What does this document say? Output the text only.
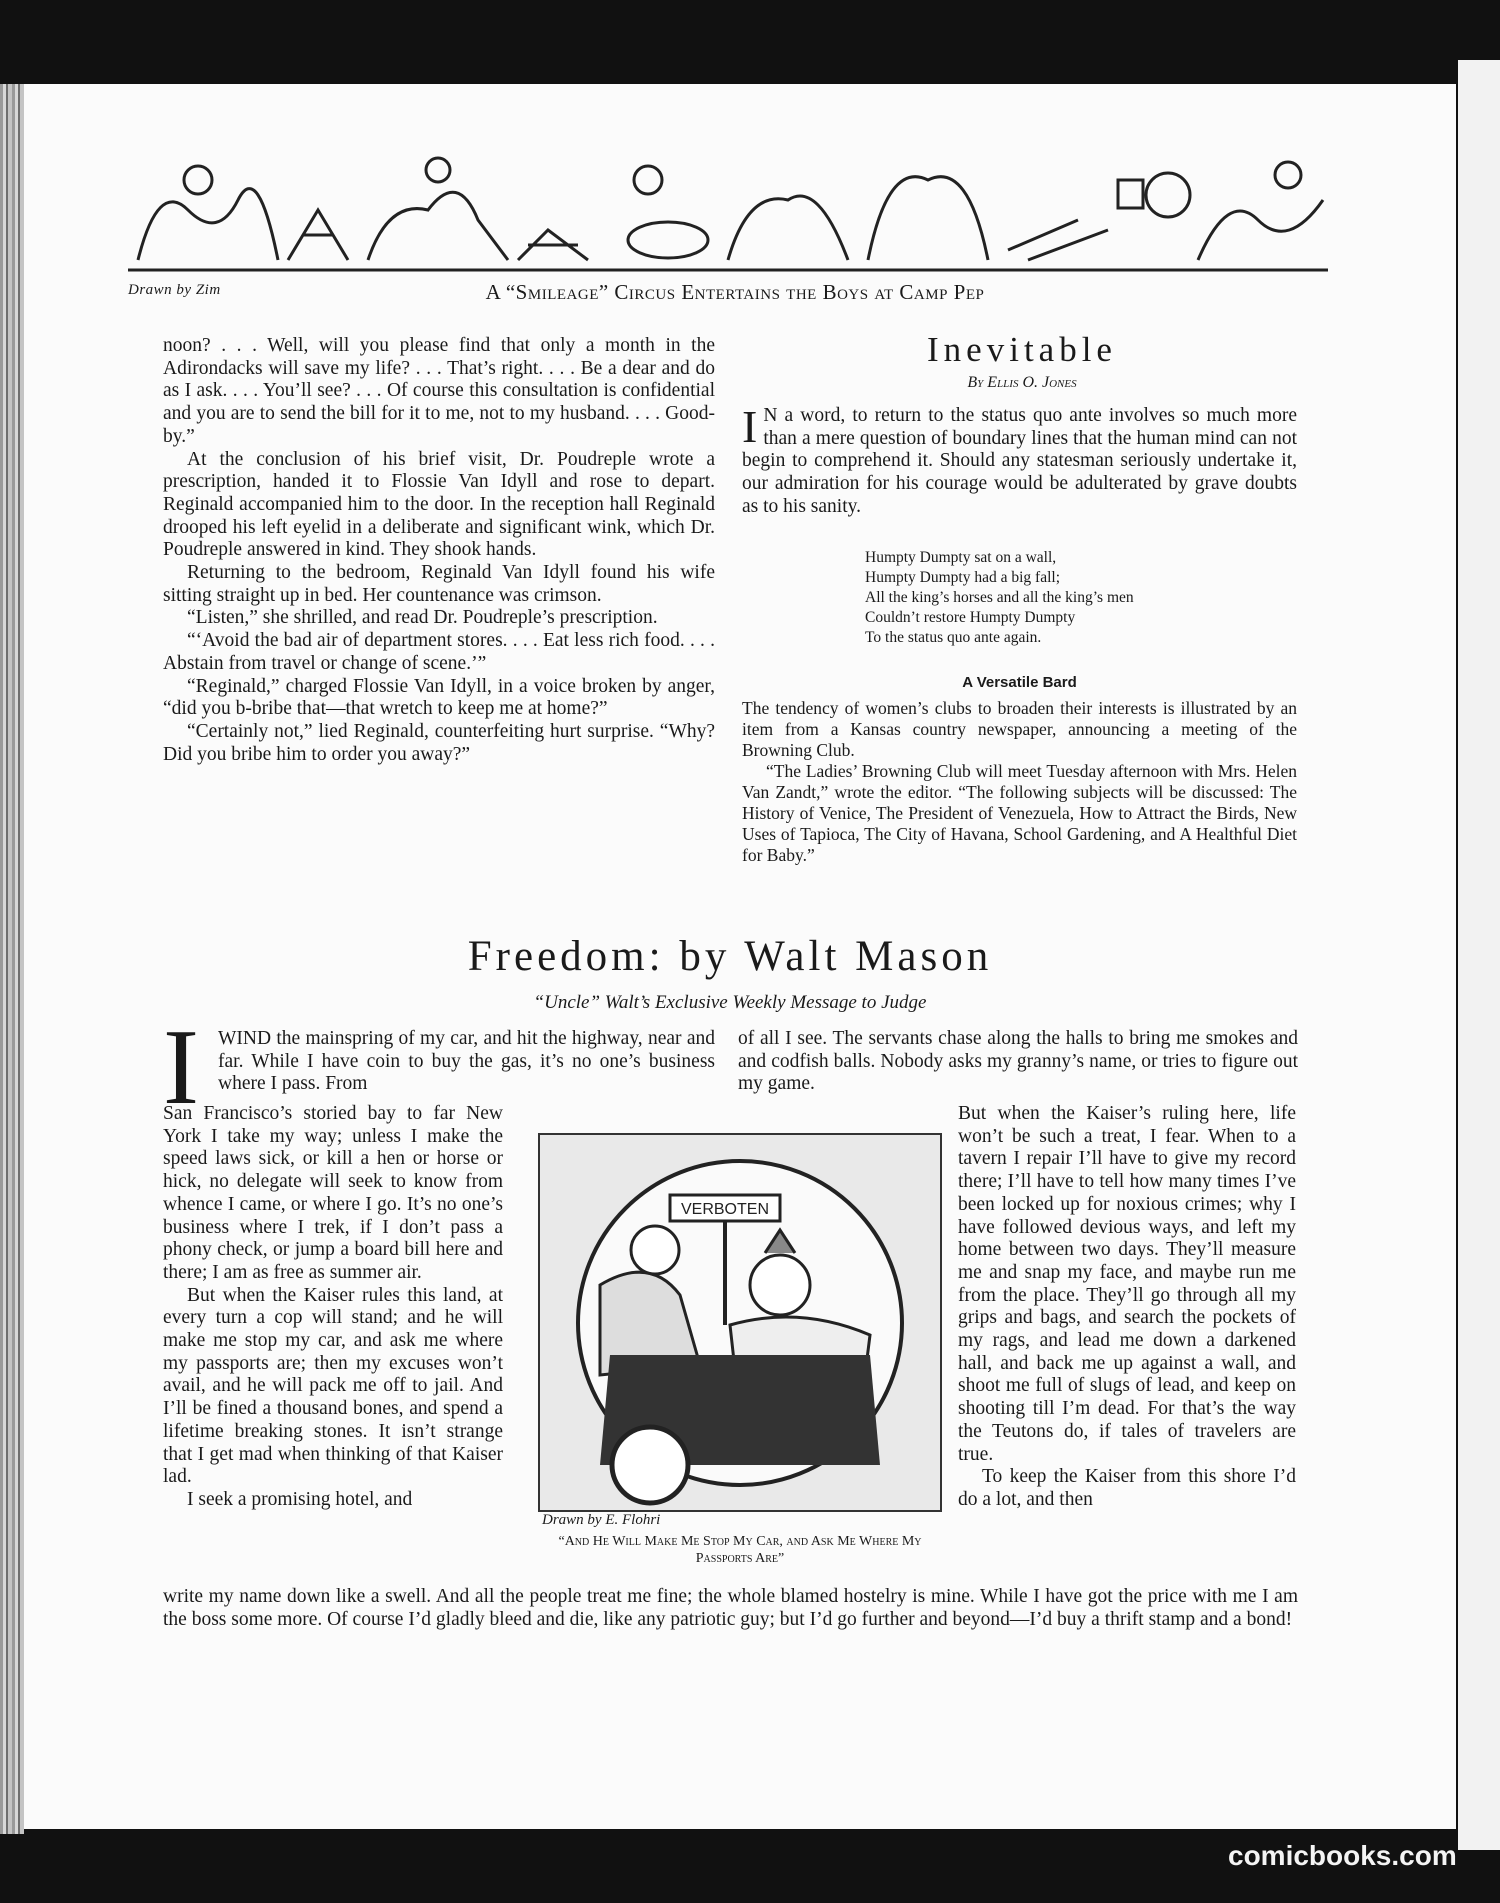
Drawn by Zim	A “Smileage” Circus Entertains the Boys at Camp Pep

noon? . . . Well, will you please find that only a month in the Adirondacks will save my life? . . . That’s right. . . . Be a dear and do as I ask. . . . You’ll see? . . . Of course this consultation is confidential and you are to send the bill for it to me, not to my husband. . . . Good-by.”

At the conclusion of his brief visit, Dr. Poudreple wrote a prescription, handed it to Flossie Van Idyll and rose to depart. Reginald accompanied him to the door. In the reception hall Reginald drooped his left eyelid in a deliberate and significant wink, which Dr. Poudreple answered in kind. They shook hands.

Returning to the bedroom, Reginald Van Idyll found his wife sitting straight up in bed. Her countenance was crimson.

“Listen,” she shrilled, and read Dr. Poudreple’s prescription.

“‘Avoid the bad air of department stores. . . . Eat less rich food. . . . Abstain from travel or change of scene.’”

“Reginald,” charged Flossie Van Idyll, in a voice broken by anger, “did you b-bribe that—that wretch to keep me at home?”

“Certainly not,” lied Reginald, counterfeiting hurt surprise. “Why? Did you bribe him to order you away?”

Inevitable
By Ellis O. Jones
I N a word, to return to the status quo ante involves so much more than a mere question of boundary lines that the human mind can not begin to comprehend it. Should any statesman seriously undertake it, our admiration for his courage would be adulterated by grave doubts as to his sanity.
Humpty Dumpty sat on a wall,
Humpty Dumpty had a big fall;
All the king’s horses and all the king’s men
Couldn’t restore Humpty Dumpty
To the status quo ante again.
A Versatile Bard

The tendency of women’s clubs to broaden their interests is illustrated by an item from a Kansas country newspaper, announcing a meeting of the Browning Club.

“The Ladies’ Browning Club will meet Tuesday afternoon with Mrs. Helen Van Zandt,” wrote the editor. “The following subjects will be discussed: The History of Venice, The President of Venezuela, How to Attract the Birds, New Uses of Tapioca, The City of Havana, School Gardening, and A Healthful Diet for Baby.”

Freedom: by Walt Mason
“Uncle” Walt’s Exclusive Weekly Message to Judge
I WIND the mainspring of my car, and hit the highway, near and far. While I have coin to buy the gas, it’s no one’s business where I pass. From

San Francisco’s storied bay to far New York I take my way; unless I make the speed laws sick, or kill a hen or horse or hick, no delegate will seek to know from whence I came, or where I go. It’s no one’s business where I trek, if I don’t pass a phony check, or jump a board bill here and there; I am as free as summer air.

But when the Kaiser rules this land, at every turn a cop will stand; and he will make me stop my car, and ask me where my passports are; then my excuses won’t avail, and he will pack me off to jail. And I’ll be fined a thousand bones, and spend a lifetime breaking stones. It isn’t strange that I get mad when thinking of that Kaiser lad.

I seek a promising hotel, and

of all I see. The servants chase along the halls to bring me smokes and and codfish balls. Nobody asks my granny’s name, or tries to figure out my game.

But when the Kaiser’s ruling here, life won’t be such a treat, I fear. When to a tavern I repair I’ll have to give my record there; I’ll have to tell how many times I’ve been locked up for noxious crimes; why I have followed devious ways, and left my home between two days. They’ll measure me and snap my face, and maybe run me from the place. They’ll go through all my grips and bags, and search the pockets of my rags, and lead me down a darkened hall, and back me up against a wall, and shoot me full of slugs of lead, and keep on shooting till I’m dead. For that’s the way the Teutons do, if tales of travelers are true.

To keep the Kaiser from this shore I’d do a lot, and then

write my name down like a swell. And all the people treat me fine; the whole blamed hostelry is mine. While I have got the price with me I am the boss some more. Of course I’d gladly bleed and die, like any patriotic guy; but I’d go further and beyond—I’d buy a thrift stamp and a bond!
VERBOTEN
Drawn by E. Flohri
“And He Will Make Me Stop My Car, and Ask Me Where My Passports Are”
comicbooks.com
